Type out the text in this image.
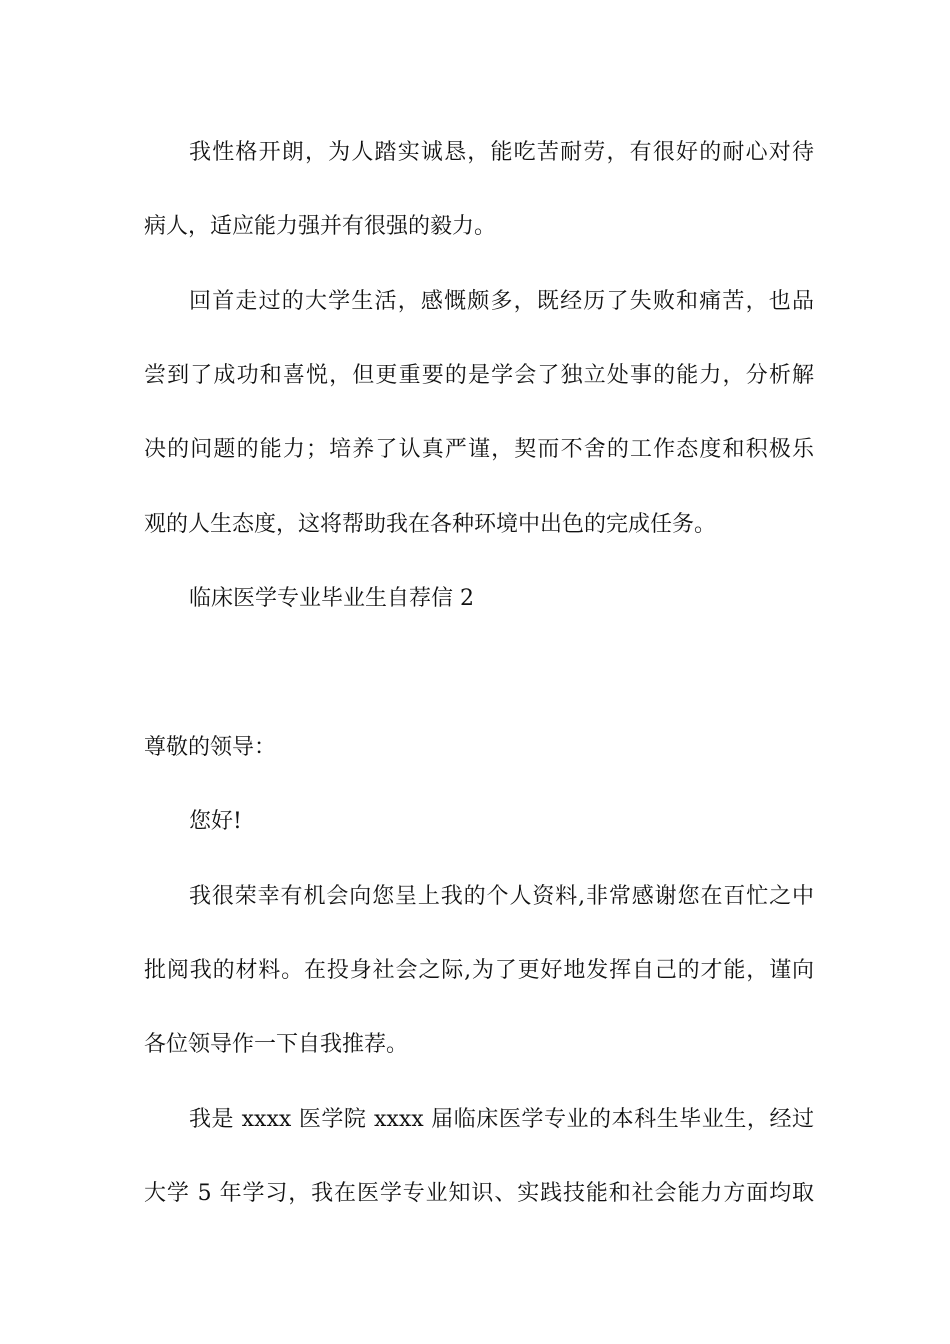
我性格开朗，为人踏实诚恳，能吃苦耐劳，有很好的耐心对待
病人，适应能力强并有很强的毅力。
回首走过的大学生活，感慨颇多，既经历了失败和痛苦，也品
尝到了成功和喜悦，但更重要的是学会了独立处事的能力，分析解
决的问题的能力；培养了认真严谨，契而不舍的工作态度和积极乐
观的人生态度，这将帮助我在各种环境中出色的完成任务。
临床医学专业毕业生自荐信 2
尊敬的领导：
您好!
我很荣幸有机会向您呈上我的个人资料,非常感谢您在百忙之中
批阅我的材料。在投身社会之际,为了更好地发挥自己的才能，谨向
各位领导作一下自我推荐。
我是 xxxx 医学院 xxxx 届临床医学专业的本科生毕业生，经过
大学 5 年学习，我在医学专业知识、实践技能和社会能力方面均取
